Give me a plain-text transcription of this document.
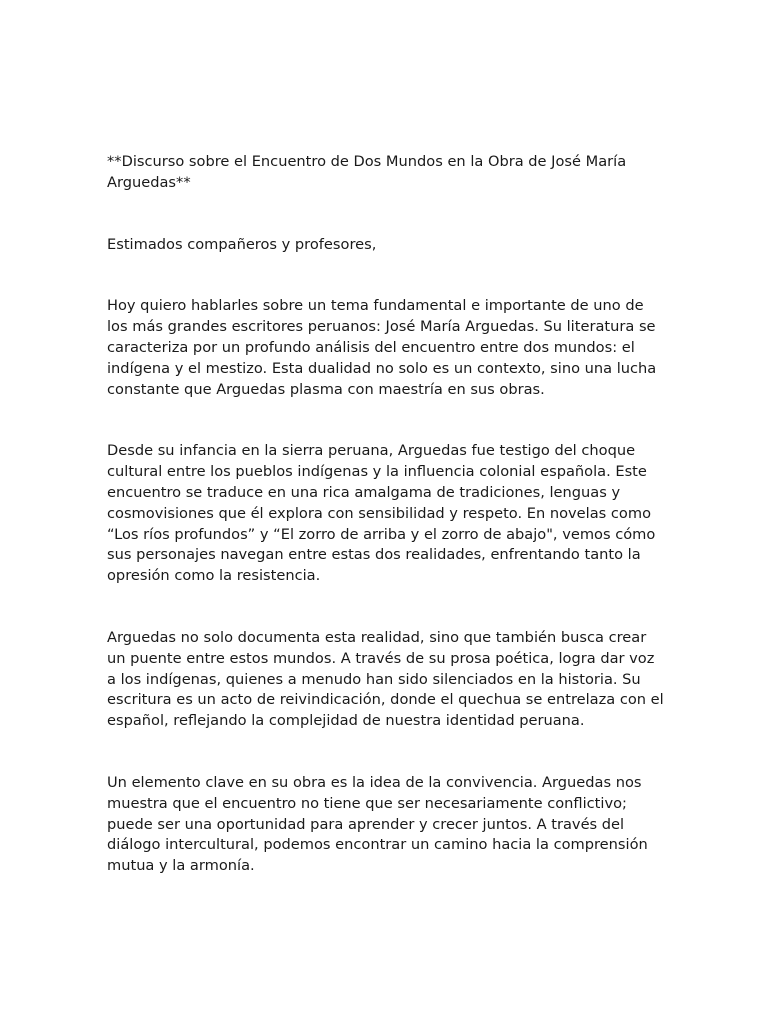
**Discurso sobre el Encuentro de Dos Mundos en la Obra de José María Arguedas**

Estimados compañeros y profesores,

Hoy quiero hablarles sobre un tema fundamental e importante de uno de los más grandes escritores peruanos: José María Arguedas. Su literatura se caracteriza por un profundo análisis del encuentro entre dos mundos: el indígena y el mestizo. Esta dualidad no solo es un contexto, sino una lucha constante que Arguedas plasma con maestría en sus obras.

Desde su infancia en la sierra peruana, Arguedas fue testigo del choque cultural entre los pueblos indígenas y la influencia colonial española. Este encuentro se traduce en una rica amalgama de tradiciones, lenguas y cosmovisiones que él explora con sensibilidad y respeto. En novelas como “Los ríos profundos” y “El zorro de arriba y el zorro de abajo", vemos cómo sus personajes navegan entre estas dos realidades, enfrentando tanto la opresión como la resistencia.

Arguedas no solo documenta esta realidad, sino que también busca crear un puente entre estos mundos. A través de su prosa poética, logra dar voz a los indígenas, quienes a menudo han sido silenciados en la historia. Su escritura es un acto de reivindicación, donde el quechua se entrelaza con el español, reflejando la complejidad de nuestra identidad peruana.

Un elemento clave en su obra es la idea de la convivencia. Arguedas nos muestra que el encuentro no tiene que ser necesariamente conflictivo; puede ser una oportunidad para aprender y crecer juntos. A través del diálogo intercultural, podemos encontrar un camino hacia la comprensión mutua y la armonía.
